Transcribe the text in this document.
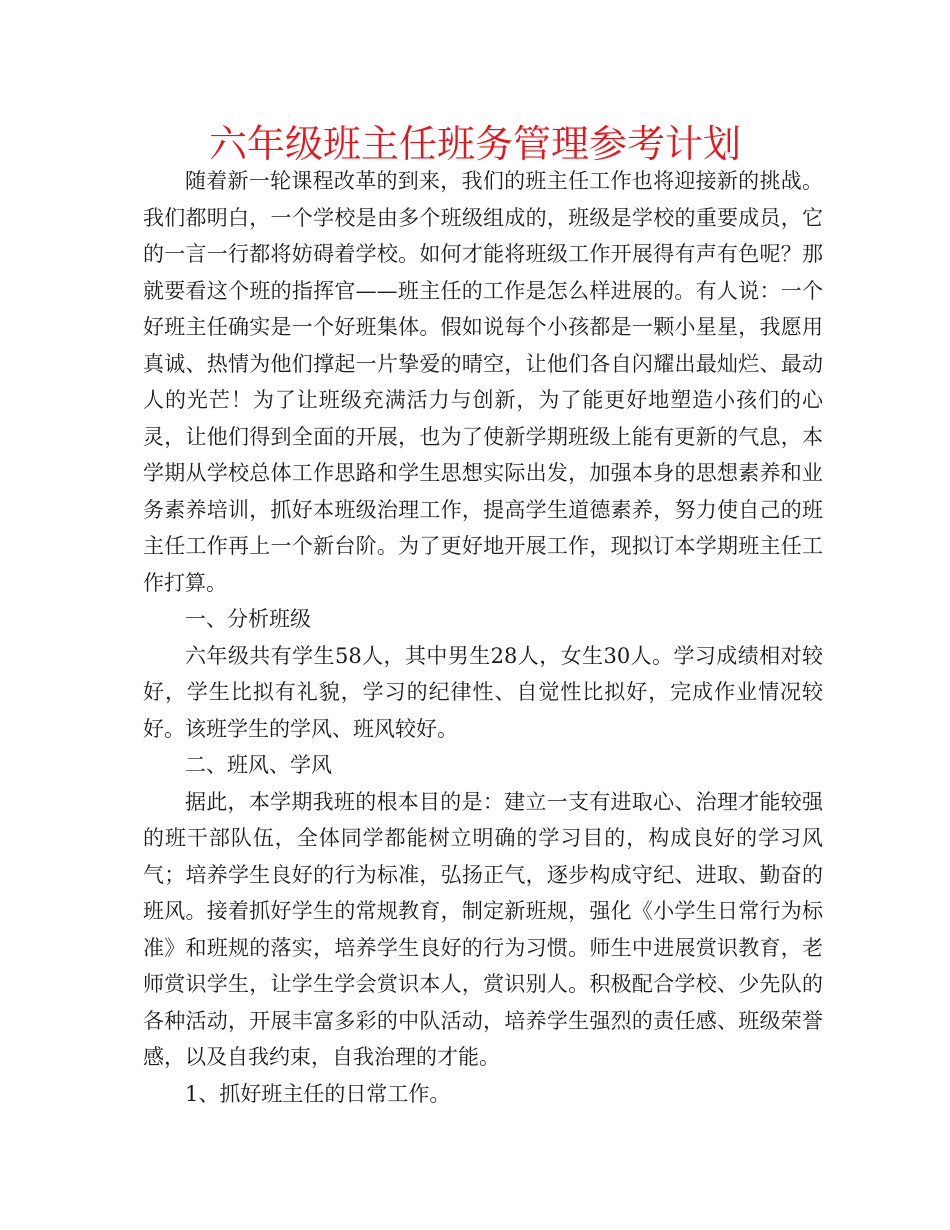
六年级班主任班务管理参考计划

随着新一轮课程改革的到来，我们的班主任工作也将迎接新的挑战。我们都明白，一个学校是由多个班级组成的，班级是学校的重要成员，它的一言一行都将妨碍着学校。如何才能将班级工作开展得有声有色呢？那就要看这个班的指挥官——班主任的工作是怎么样进展的。有人说：一个好班主任确实是一个好班集体。假如说每个小孩都是一颗小星星，我愿用真诚、热情为他们撑起一片挚爱的晴空，让他们各自闪耀出最灿烂、最动人的光芒！为了让班级充满活力与创新，为了能更好地塑造小孩们的心灵，让他们得到全面的开展，也为了使新学期班级上能有更新的气息，本学期从学校总体工作思路和学生思想实际出发，加强本身的思想素养和业务素养培训，抓好本班级治理工作，提高学生道德素养，努力使自己的班主任工作再上一个新台阶。为了更好地开展工作，现拟订本学期班主任工作打算。

一、分析班级

六年级共有学生58人，其中男生28人，女生30人。学习成绩相对较好，学生比拟有礼貌，学习的纪律性、自觉性比拟好，完成作业情况较好。该班学生的学风、班风较好。

二、班风、学风

据此，本学期我班的根本目的是：建立一支有进取心、治理才能较强的班干部队伍，全体同学都能树立明确的学习目的，构成良好的学习风气；培养学生良好的行为标准，弘扬正气，逐步构成守纪、进取、勤奋的班风。接着抓好学生的常规教育，制定新班规，强化《小学生日常行为标准》和班规的落实，培养学生良好的行为习惯。师生中进展赏识教育，老师赏识学生，让学生学会赏识本人，赏识别人。积极配合学校、少先队的各种活动，开展丰富多彩的中队活动，培养学生强烈的责任感、班级荣誉感，以及自我约束，自我治理的才能。

1、抓好班主任的日常工作。
